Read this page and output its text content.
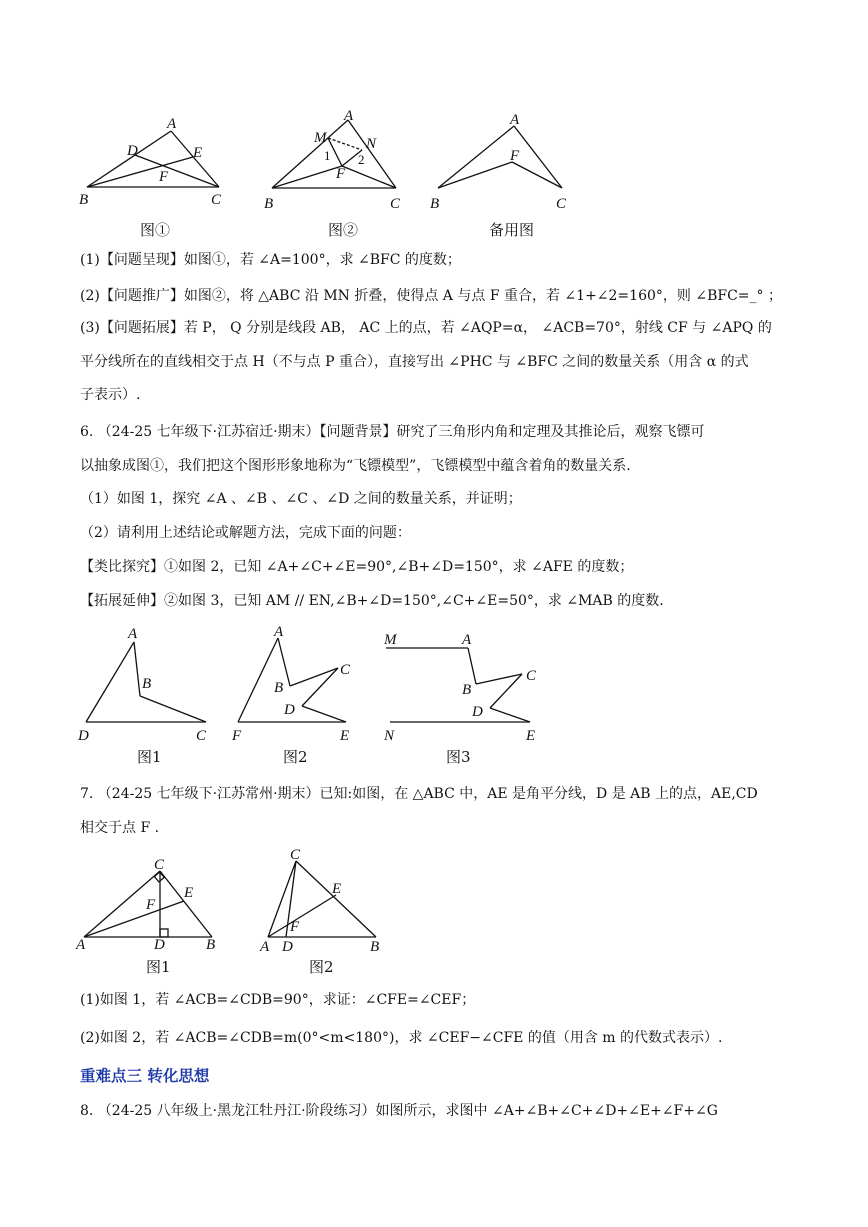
A
D	E
F
B	C
图①
A
M	N
1 2
F
B	C
图②
A
F
B	C
备用图
(1)【问题呈现】如图①，若 ∠A=100°，求 ∠BFC 的度数；
(2)【问题推广】如图②，将 △ABC 沿 MN 折叠，使得点 A 与点 F 重合，若 ∠1+∠2=160°，则 ∠BFC=_° ；
(3)【问题拓展】若 P， Q 分别是线段 AB， AC 上的点，若 ∠AQP=α， ∠ACB=70°，射线 CF 与 ∠APQ 的
平分线所在的直线相交于点 H（不与点 P 重合），直接写出 ∠PHC 与 ∠BFC 之间的数量关系（用含 α 的式
子表示）.
6. （24-25 七年级下·江苏宿迁·期末）【问题背景】研究了三角形内角和定理及其推论后，观察飞镖可
以抽象成图①，我们把这个图形形象地称为“飞镖模型”，飞镖模型中蕴含着角的数量关系.
（1）如图 1，探究 ∠A 、∠B 、∠C 、∠D 之间的数量关系，并证明；
（2）请利用上述结论或解题方法，完成下面的问题：
【类比探究】①如图 2，已知 ∠A+∠C+∠E=90°,∠B+∠D=150°，求 ∠AFE 的度数；
【拓展延伸】②如图 3，已知 AM // EN,∠B+∠D=150°,∠C+∠E=50°，求 ∠MAB 的度数.
A
B
D	C
图1
A
C
B
D
F	E
图2
M	A
C
B
D
N	E
图3
7. （24-25 七年级下·江苏常州·期末）已知:如图，在 △ABC 中，AE 是角平分线，D 是 AB 上的点，AE,CD
相交于点 F .
C
E
F
A	D	B
图1
C
E
F
A D	B
图2
(1)如图 1，若 ∠ACB=∠CDB=90°，求证：∠CFE=∠CEF；
(2)如图 2，若 ∠ACB=∠CDB=m(0°<m<180°)，求 ∠CEF−∠CFE 的值（用含 m 的代数式表示）.
重难点三 转化思想
8. （24-25 八年级上·黑龙江牡丹江·阶段练习）如图所示，求图中 ∠A+∠B+∠C+∠D+∠E+∠F+∠G
